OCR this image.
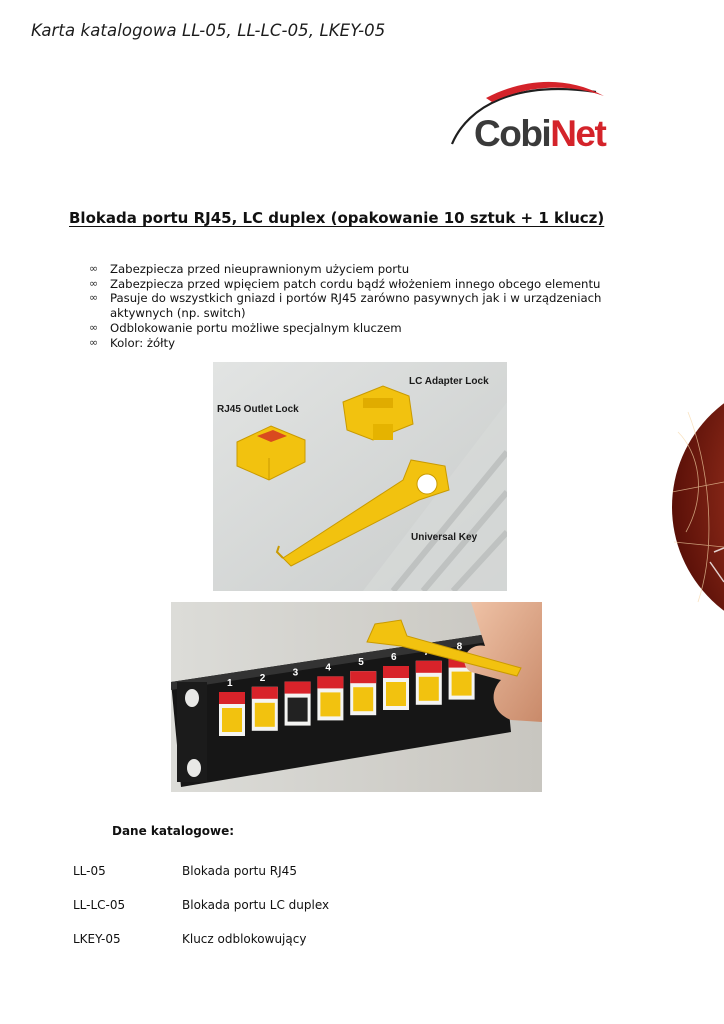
Karta katalogowa LL-05, LL-LC-05, LKEY-05
CobiNet
Blokada portu RJ45, LC duplex (opakowanie 10 sztuk + 1 klucz)
∞ Zabezpiecza przed nieuprawnionym użyciem portu
∞ Zabezpiecza przed wpięciem patch cordu bądź włożeniem innego obcego elementu
∞ Pasuje do wszystkich gniazd i portów RJ45 zarówno pasywnych jak i w urządzeniach aktywnych (np. switch)
∞ Odblokowanie portu możliwe specjalnym kluczem
∞ Kolor: żółty
LC Adapter Lock
RJ45 Outlet Lock
Universal Key
1	2	3	4	5	6
8

Dane katalogowe:

LL-05	Blokada portu RJ45
LL-LC-05	Blokada portu LC duplex
LKEY-05	Klucz odblokowujący
